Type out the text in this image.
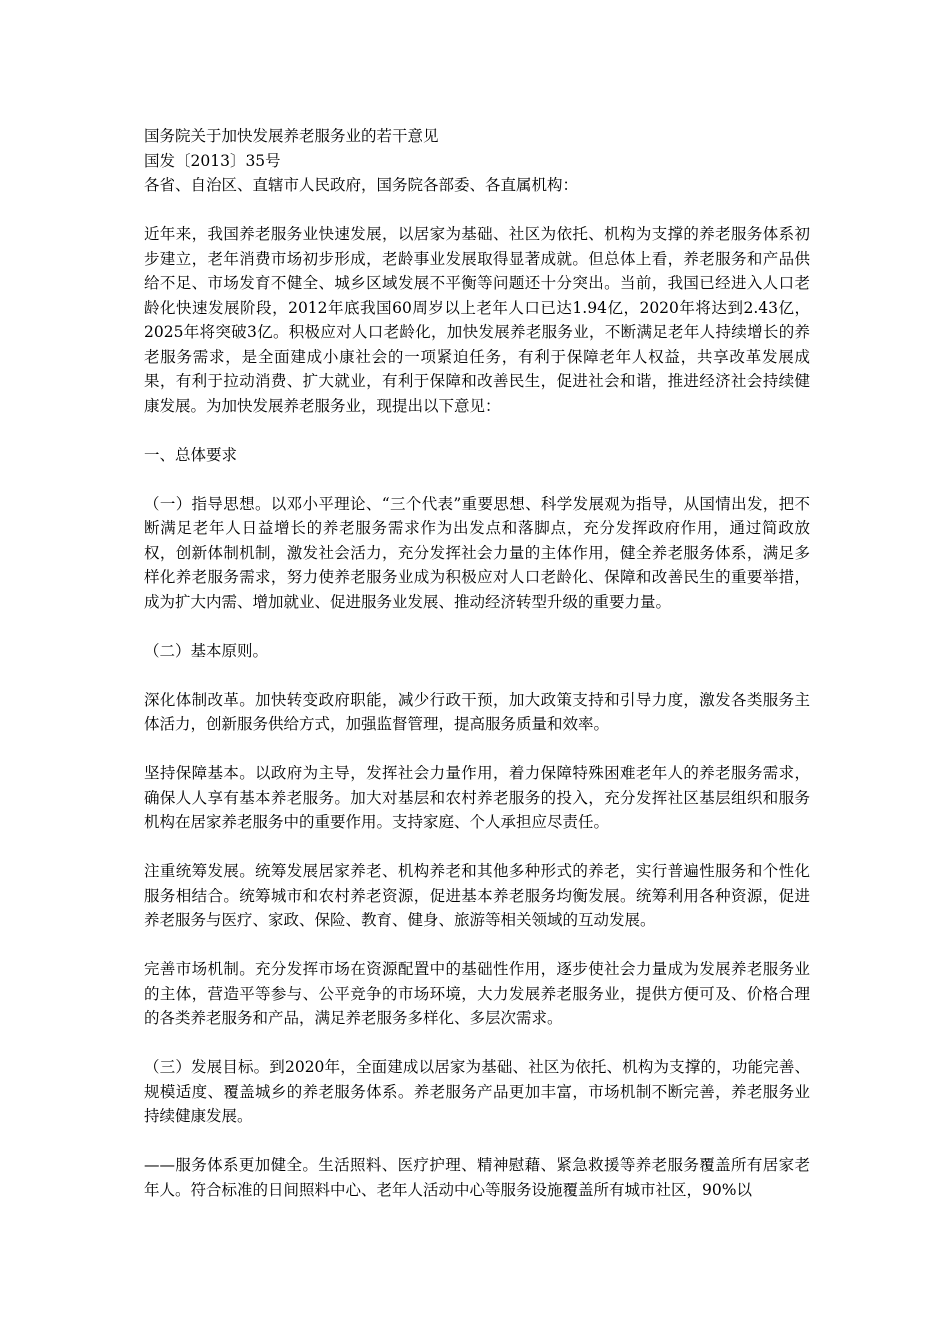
国务院关于加快发展养老服务业的若干意见
国发〔2013〕35号
各省、自治区、直辖市人民政府，国务院各部委、各直属机构：

近年来，我国养老服务业快速发展，以居家为基础、社区为依托、机构为支撑的养老服务体系初步建立，老年消费市场初步形成，老龄事业发展取得显著成就。但总体上看，养老服务和产品供给不足、市场发育不健全、城乡区域发展不平衡等问题还十分突出。当前，我国已经进入人口老龄化快速发展阶段，2012年底我国60周岁以上老年人口已达1.94亿，2020年将达到2.43亿，2025年将突破3亿。积极应对人口老龄化，加快发展养老服务业，不断满足老年人持续增长的养老服务需求，是全面建成小康社会的一项紧迫任务，有利于保障老年人权益，共享改革发展成果，有利于拉动消费、扩大就业，有利于保障和改善民生，促进社会和谐，推进经济社会持续健康发展。为加快发展养老服务业，现提出以下意见：

一、总体要求

（一）指导思想。以邓小平理论、“三个代表”重要思想、科学发展观为指导，从国情出发，把不断满足老年人日益增长的养老服务需求作为出发点和落脚点，充分发挥政府作用，通过简政放权，创新体制机制，激发社会活力，充分发挥社会力量的主体作用，健全养老服务体系，满足多样化养老服务需求，努力使养老服务业成为积极应对人口老龄化、保障和改善民生的重要举措，成为扩大内需、增加就业、促进服务业发展、推动经济转型升级的重要力量。

（二）基本原则。

深化体制改革。加快转变政府职能，减少行政干预，加大政策支持和引导力度，激发各类服务主体活力，创新服务供给方式，加强监督管理，提高服务质量和效率。

坚持保障基本。以政府为主导，发挥社会力量作用，着力保障特殊困难老年人的养老服务需求，确保人人享有基本养老服务。加大对基层和农村养老服务的投入，充分发挥社区基层组织和服务机构在居家养老服务中的重要作用。支持家庭、个人承担应尽责任。

注重统筹发展。统筹发展居家养老、机构养老和其他多种形式的养老，实行普遍性服务和个性化服务相结合。统筹城市和农村养老资源，促进基本养老服务均衡发展。统筹利用各种资源，促进养老服务与医疗、家政、保险、教育、健身、旅游等相关领域的互动发展。

完善市场机制。充分发挥市场在资源配置中的基础性作用，逐步使社会力量成为发展养老服务业的主体，营造平等参与、公平竞争的市场环境，大力发展养老服务业，提供方便可及、价格合理的各类养老服务和产品，满足养老服务多样化、多层次需求。

（三）发展目标。到2020年，全面建成以居家为基础、社区为依托、机构为支撑的，功能完善、规模适度、覆盖城乡的养老服务体系。养老服务产品更加丰富，市场机制不断完善，养老服务业持续健康发展。

——服务体系更加健全。生活照料、医疗护理、精神慰藉、紧急救援等养老服务覆盖所有居家老年人。符合标准的日间照料中心、老年人活动中心等服务设施覆盖所有城市社区，90%以
